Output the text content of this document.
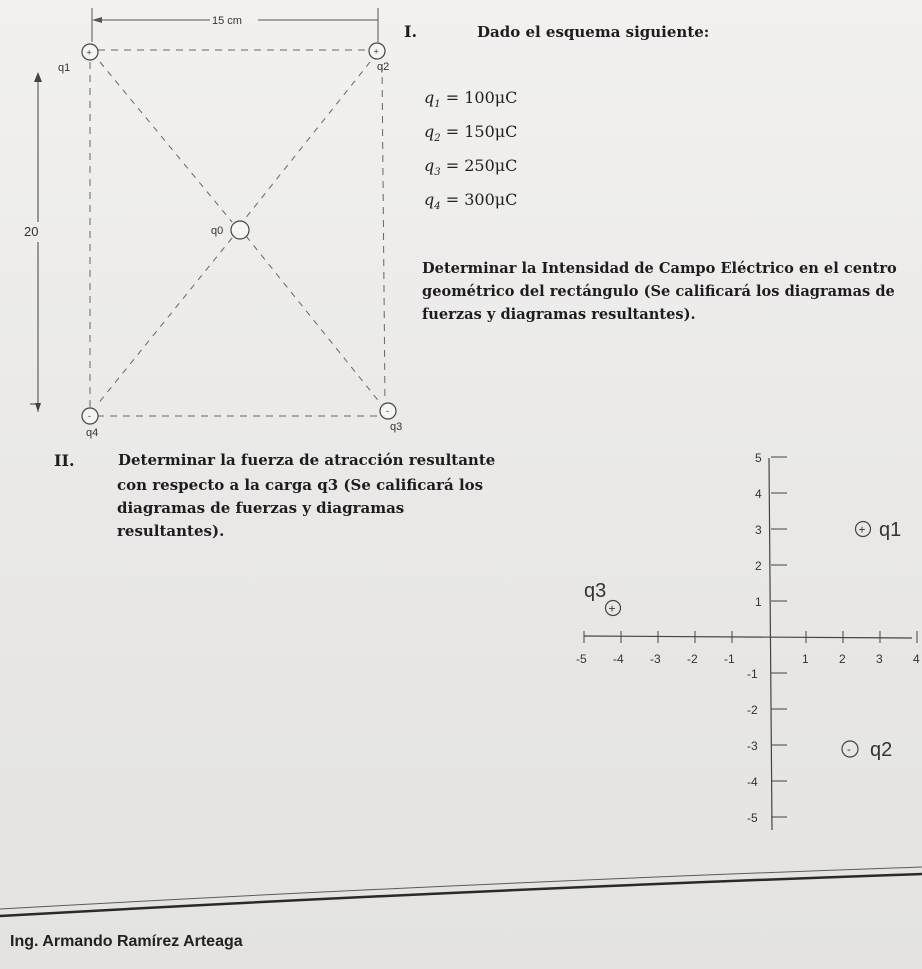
15 cm
20
+
q1
+
q2
q0
-
q4
-
q3
I.	Dado el esquema siguiente:
$q_1 = 100\mu C$
$q_2 = 150\mu C$
$q_3 = 250\mu C$
$q_4 = 300\mu C$
Determinar la Intensidad de Campo Eléctrico en el centro
geométrico del rectángulo (Se calificará los diagramas de
fuerzas y diagramas resultantes).
II.	Determinar la fuerza de atracción resultante
con respecto a la carga q3 (Se calificará los
diagramas de fuerzas y diagramas
resultantes).
-5 -4 -3 -2 -1	1	2	3	4
5
4
3
2
1
-1
-2
-3
-4
-5
+ q1
- q2
+
q3
Ing. Armando Ramírez Arteaga
